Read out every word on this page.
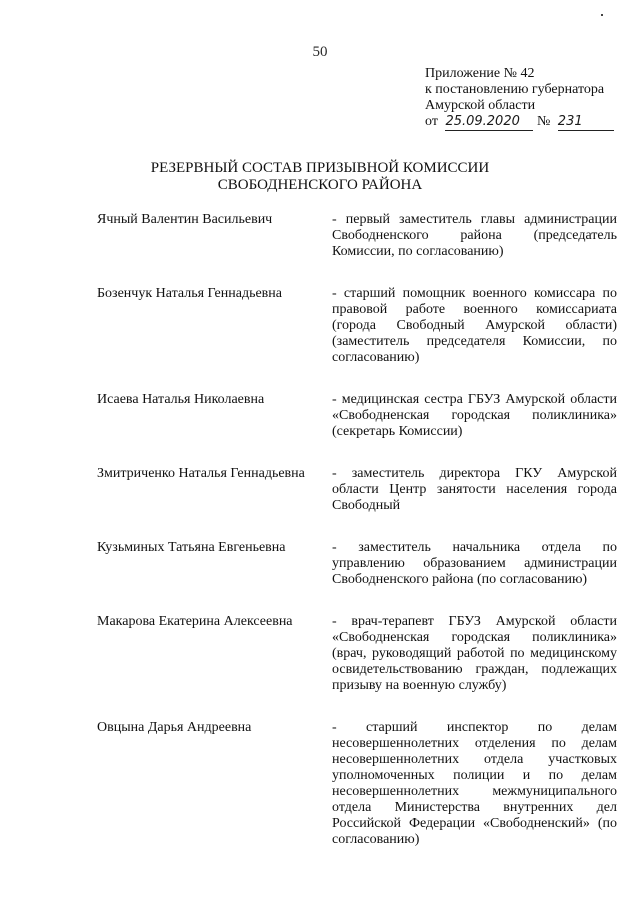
50
Приложение № 42
к постановлению губернатора
Амурской области
от 25.09.2020 № 231
РЕЗЕРВНЫЙ СОСТАВ ПРИЗЫВНОЙ КОМИССИИ
СВОБОДНЕНСКОГО РАЙОНА
Ячный Валентин Васильевич	- первый заместитель главы администрации Свободненского района (председатель Комиссии, по согласованию)
Бозенчук Наталья Геннадьевна	- старший помощник военного комиссара по правовой работе военного комиссариата (города Свободный Амурской области) (заместитель председателя Комиссии, по согласованию)
Исаева Наталья Николаевна	- медицинская сестра ГБУЗ Амурской области «Свободненская городская поликлиника» (секретарь Комиссии)
Змитриченко Наталья Геннадьевна	- заместитель директора ГКУ Амурской области Центр занятости населения города Свободный
Кузьминых Татьяна Евгеньевна	- заместитель начальника отдела по управлению образованием администрации Свободненского района (по согласованию)
Макарова Екатерина Алексеевна	- врач-терапевт ГБУЗ Амурской области «Свободненская городская поликлиника» (врач, руководящий работой по медицинскому освидетельствованию граждан, подлежащих призыву на военную службу)
Овцына Дарья Андреевна	- старший инспектор по делам несовершеннолетних отделения по делам несовершеннолетних отдела участковых уполномоченных полиции и по делам несовершеннолетних межмуниципального отдела Министерства внутренних дел Российской Федерации «Свободненский» (по согласованию)
